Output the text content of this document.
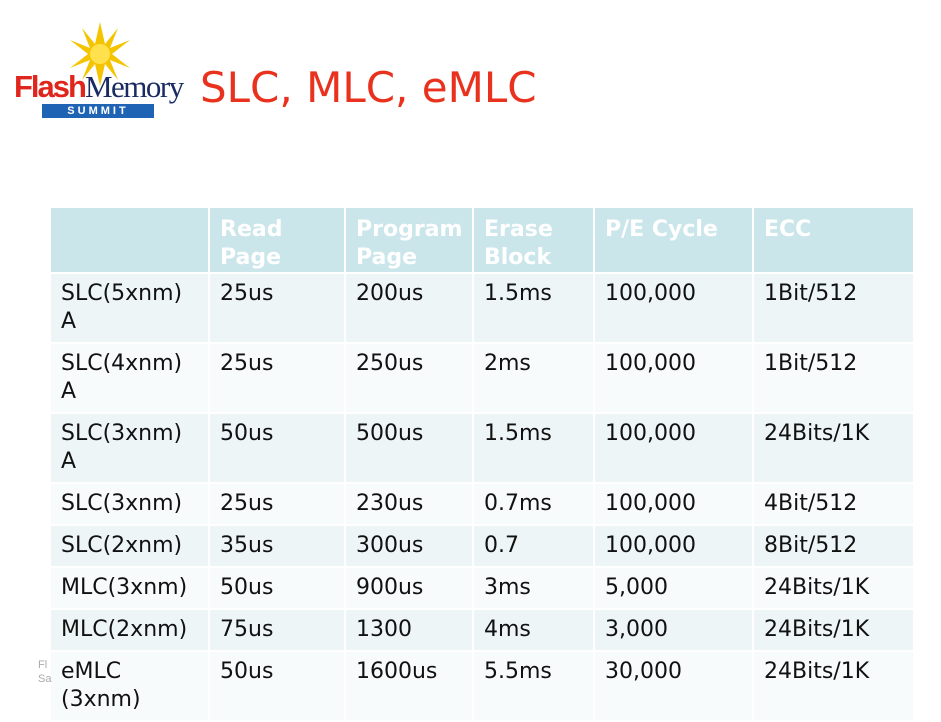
FlashMemory
SUMMIT	SLC, MLC, eMLC
	Read Page	Program Page	Erase Block	P/E Cycle	ECC
SLC(5xnm) A	25us	200us	1.5ms	100,000	1Bit/512
SLC(4xnm) A	25us	250us	2ms	100,000	1Bit/512
SLC(3xnm) A	50us	500us	1.5ms	100,000	24Bits/1K
SLC(3xnm)	25us	230us	0.7ms	100,000	4Bit/512
SLC(2xnm)	35us	300us	0.7	100,000	8Bit/512
MLC(3xnm)	50us	900us	3ms	5,000	24Bits/1K
MLC(2xnm)	75us	1300	4ms	3,000	24Bits/1K
eMLC (3xnm)	50us	1600us	5.5ms	30,000	24Bits/1K
Fl
Sa
